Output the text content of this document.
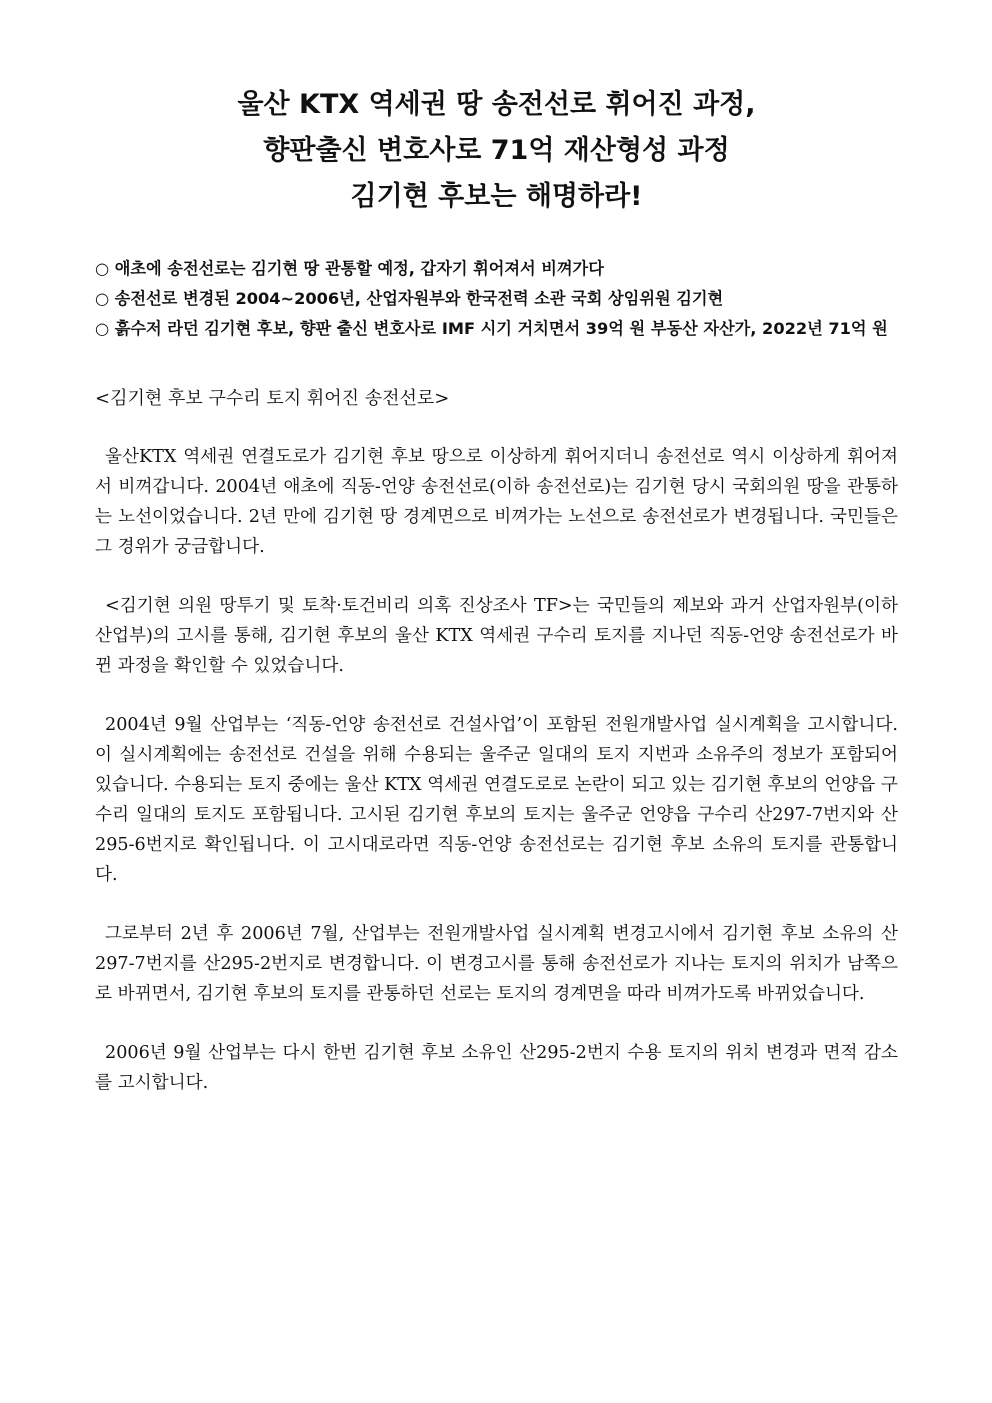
울산 KTX 역세권 땅 송전선로 휘어진 과정,
향판출신 변호사로 71억 재산형성 과정
김기현 후보는 해명하라!
○ 애초에 송전선로는 김기현 땅 관통할 예정, 갑자기 휘어져서 비껴가다
○ 송전선로 변경된 2004~2006년, 산업자원부와 한국전력 소관 국회 상임위원 김기현
○ 흙수저 라던 김기현 후보, 향판 출신 변호사로 IMF 시기 거치면서 39억 원 부동산 자산가, 2022년 71억 원
<김기현 후보 구수리 토지 휘어진 송전선로>

울산KTX 역세권 연결도로가 김기현 후보 땅으로 이상하게 휘어지더니 송전선로 역시 이상하게 휘어져서 비껴갑니다. 2004년 애초에 직동-언양 송전선로(이하 송전선로)는 김기현 당시 국회의원 땅을 관통하는 노선이었습니다. 2년 만에 김기현 땅 경계면으로 비껴가는 노선으로 송전선로가 변경됩니다. 국민들은 그 경위가 궁금합니다.

<김기현 의원 땅투기 및 토착·토건비리 의혹 진상조사 TF>는 국민들의 제보와 과거 산업자원부(이하 산업부)의 고시를 통해, 김기현 후보의 울산 KTX 역세권 구수리 토지를 지나던 직동-언양 송전선로가 바뀐 과정을 확인할 수 있었습니다.

2004년 9월 산업부는 ‘직동-언양 송전선로 건설사업’이 포함된 전원개발사업 실시계획을 고시합니다. 이 실시계획에는 송전선로 건설을 위해 수용되는 울주군 일대의 토지 지번과 소유주의 정보가 포함되어 있습니다. 수용되는 토지 중에는 울산 KTX 역세권 연결도로로 논란이 되고 있는 김기현 후보의 언양읍 구수리 일대의 토지도 포함됩니다. 고시된 김기현 후보의 토지는 울주군 언양읍 구수리 산297-7번지와 산295-6번지로 확인됩니다. 이 고시대로라면 직동-언양 송전선로는 김기현 후보 소유의 토지를 관통합니다.

그로부터 2년 후 2006년 7월, 산업부는 전원개발사업 실시계획 변경고시에서 김기현 후보 소유의 산297-7번지를 산295-2번지로 변경합니다. 이 변경고시를 통해 송전선로가 지나는 토지의 위치가 남쪽으로 바뀌면서, 김기현 후보의 토지를 관통하던 선로는 토지의 경계면을 따라 비껴가도록 바뀌었습니다.

2006년 9월 산업부는 다시 한번 김기현 후보 소유인 산295-2번지 수용 토지의 위치 변경과 면적 감소를 고시합니다.
